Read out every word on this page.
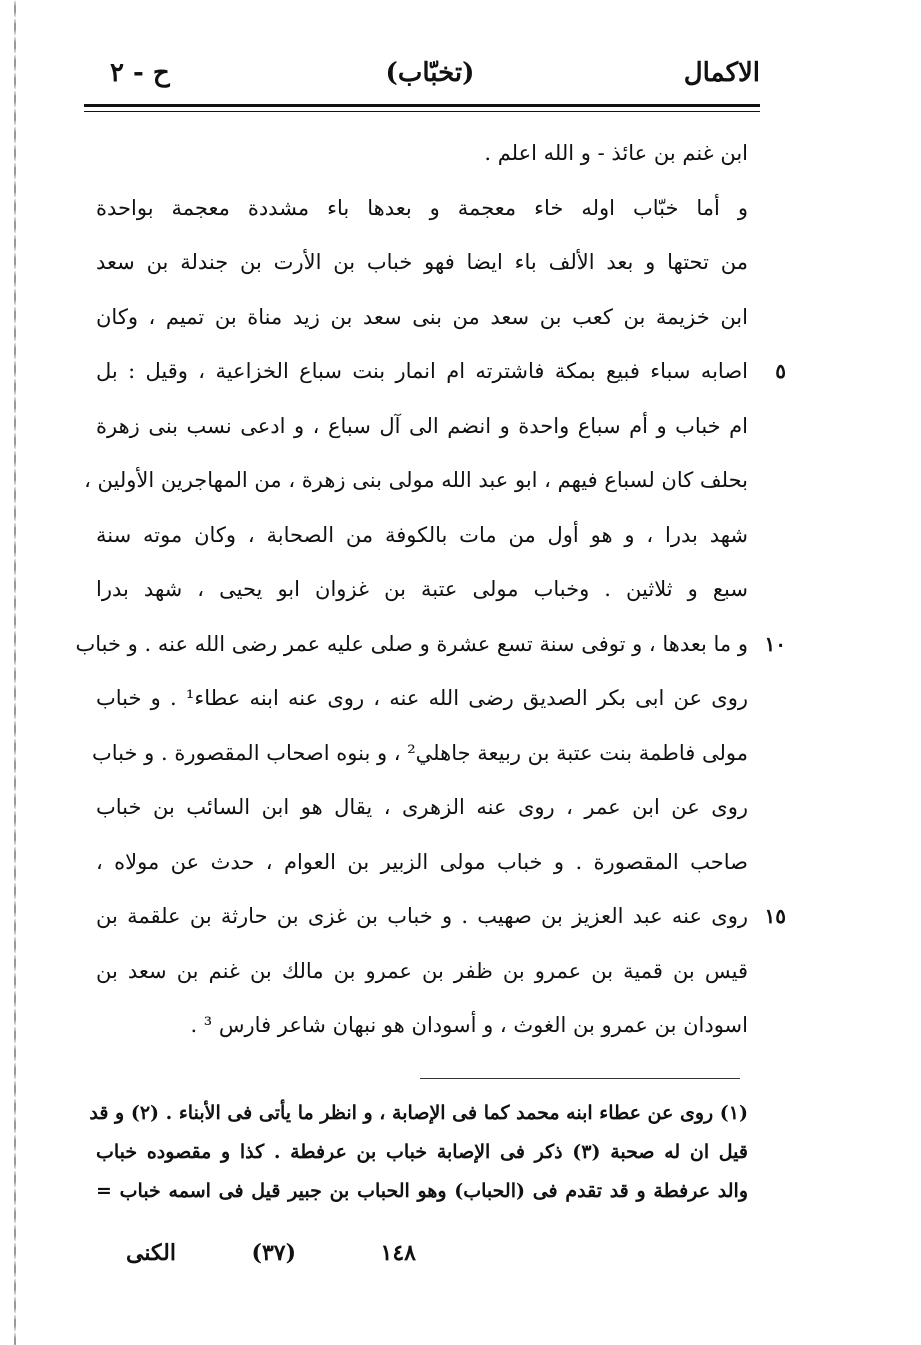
الاكمال
(تخبّاب)
ح - ٢
ابن غنم بن عائذ - و الله اعلم .
و أما خبّاب اوله خاء معجمة و بعدها باء مشددة معجمة بواحدة
من تحتها و بعد الألف باء ايضا فهو خباب بن الأرت بن جندلة بن سعد
ابن خزيمة بن كعب بن سعد من بنى سعد بن زيد مناة بن تميم ، وكان
اصابه سباء فبيع بمكة فاشترته ام انمار بنت سباع الخزاعية ، وقيل : بل ٥
ام خباب و أم سباع واحدة و انضم الى آل سباع ، و ادعى نسب بنى زهرة
بحلف كان لسباع فيهم ، ابو عبد الله مولى بنى زهرة ، من المهاجرين الأولين ،
شهد بدرا ، و هو أول من مات بالكوفة من الصحابة ، وكان موته سنة
سبع و ثلاثين . وخباب مولى عتبة بن غزوان ابو يحيى ، شهد بدرا
و ما بعدها ، و توفى سنة تسع عشرة و صلى عليه عمر رضى الله عنه . و خباب ١٠
روى عن ابى بكر الصديق رضى الله عنه ، روى عنه ابنه عطاء¹ . و خباب
مولى فاطمة بنت عتبة بن ربيعة جاهلي² ، و بنوه اصحاب المقصورة . و خباب
روى عن ابن عمر ، روى عنه الزهرى ، يقال هو ابن السائب بن خباب
صاحب المقصورة . و خباب مولى الزبير بن العوام ، حدث عن مولاه ،
روى عنه عبد العزيز بن صهيب . و خباب بن غزى بن حارثة بن علقمة بن ١٥
قيس بن قمية بن عمرو بن ظفر بن عمرو بن مالك بن غنم بن سعد بن
اسودان بن عمرو بن الغوث ، و أسودان هو نبهان شاعر فارس ³ .
(١) روى عن عطاء ابنه محمد كما فى الإصابة ، و انظر ما يأتى فى الأبناء . (٢) و قد
قيل ان له صحبة (٣) ذكر فى الإصابة خباب بن عرفطة . كذا و مقصوده خباب
والد عرفطة و قد تقدم فى (الحباب) وهو الحباب بن جبير قيل فى اسمه خباب =
١٤٨
(٣٧)
الكنى
